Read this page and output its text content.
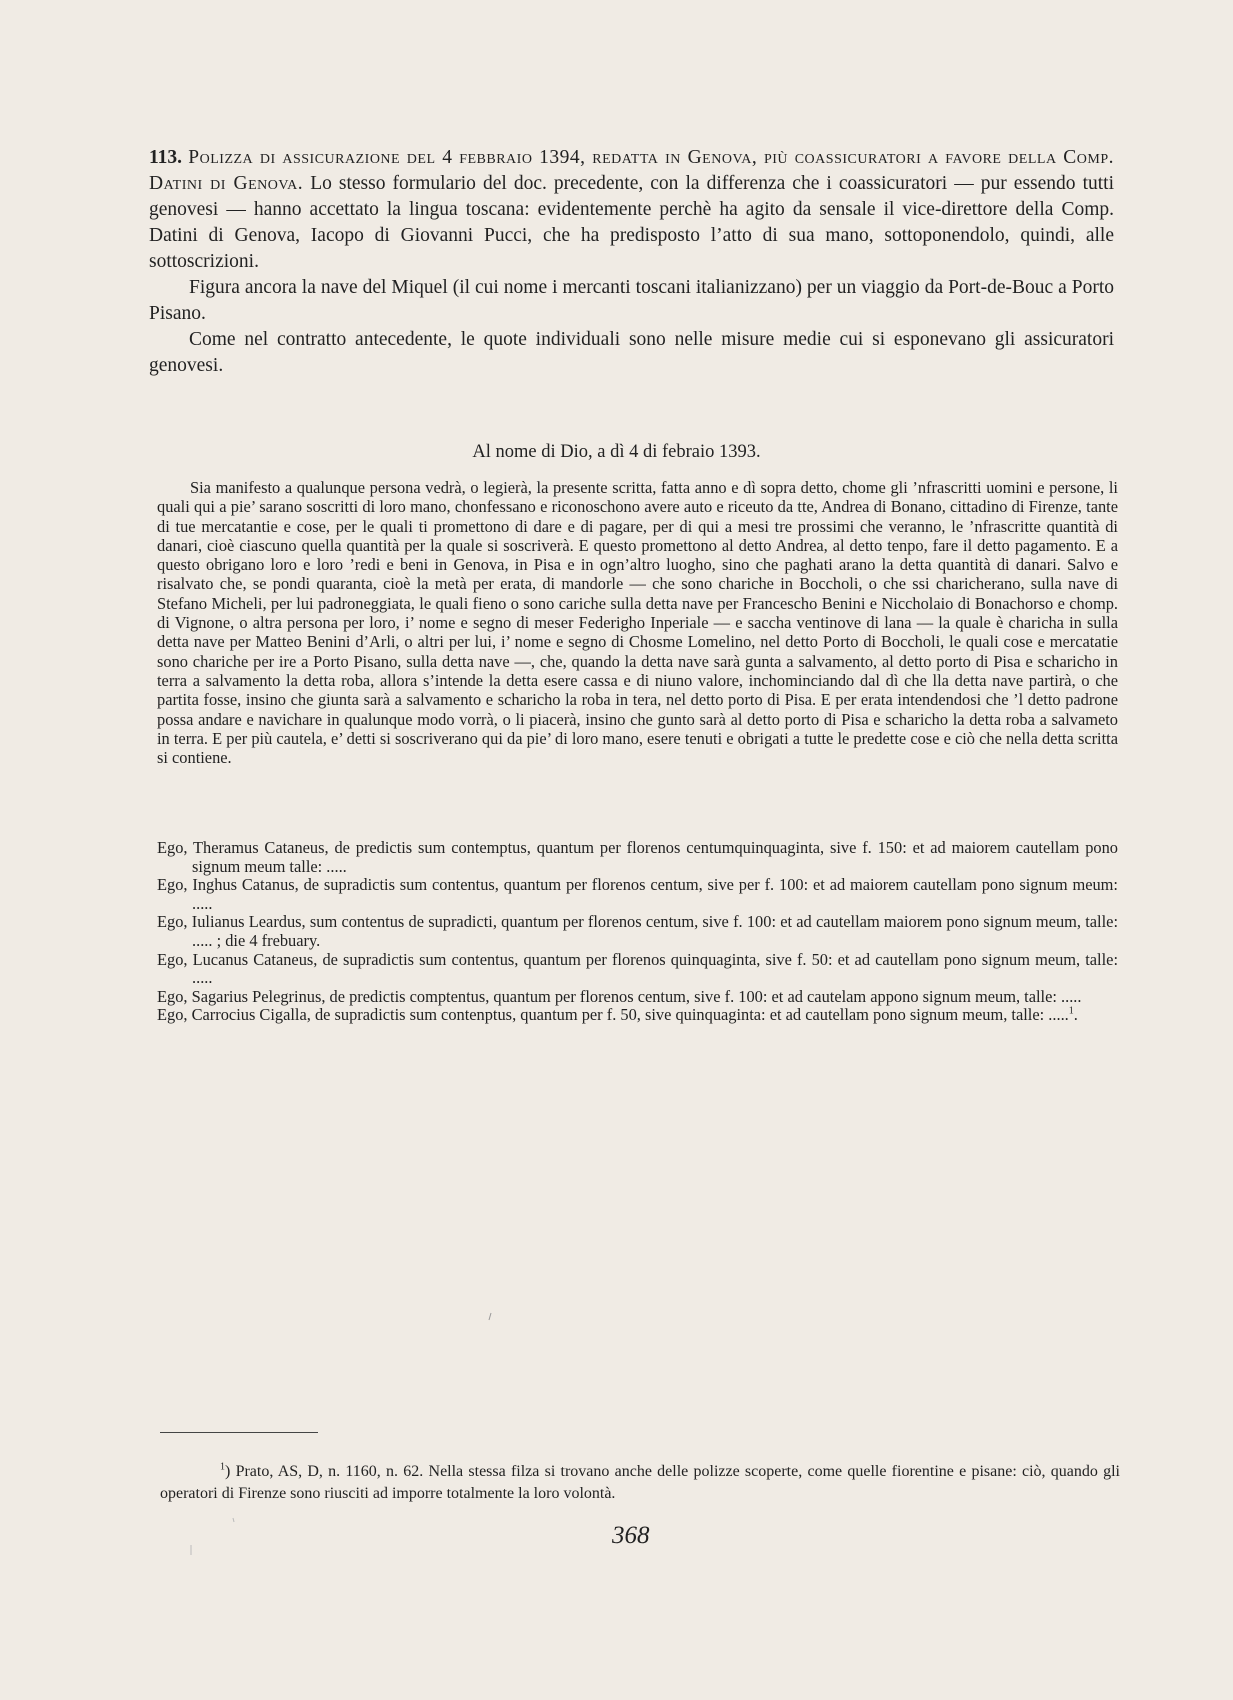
113. Polizza di assicurazione del 4 febbraio 1394, redatta in Genova, più coassicuratori a favore della Comp. Datini di Genova. Lo stesso formulario del doc. precedente, con la differenza che i coassicuratori — pur essendo tutti genovesi — hanno accettato la lingua toscana: evidentemente perchè ha agito da sensale il vice-direttore della Comp. Datini di Genova, Iacopo di Giovanni Pucci, che ha predisposto l’atto di sua mano, sottoponendolo, quindi, alle sottoscrizioni.

Figura ancora la nave del Miquel (il cui nome i mercanti toscani italianizzano) per un viaggio da Port-de-Bouc a Porto Pisano.

Come nel contratto antecedente, le quote individuali sono nelle misure medie cui si esponevano gli assicuratori genovesi.

Al nome di Dio, a dì 4 di febraio 1393.

Sia manifesto a qualunque persona vedrà, o legierà, la presente scritta, fatta anno e dì sopra detto, chome gli ’nfrascritti uomini e persone, li quali qui a pie’ sarano soscritti di loro mano, chonfessano e riconoschono avere auto e riceuto da tte, Andrea di Bonano, cittadino di Firenze, tante di tue mercatantie e cose, per le quali ti promettono di dare e di pagare, per di qui a mesi tre prossimi che veranno, le ’nfrascritte quantità di danari, cioè ciascuno quella quantità per la quale si soscriverà. E questo promettono al detto Andrea, al detto tenpo, fare il detto pagamento. E a questo obrigano loro e loro ’redi e beni in Genova, in Pisa e in ogn’altro luogho, sino che paghati arano la detta quantità di danari. Salvo e risalvato che, se pondi quaranta, cioè la metà per erata, di mandorle — che sono chariche in Boccholi, o che ssi charicherano, sulla nave di Stefano Micheli, per lui padroneggiata, le quali fieno o sono cariche sulla detta nave per Francescho Benini e Niccholaio di Bonachorso e chomp. di Vignone, o altra persona per loro, i’ nome e segno di meser Federigho Inperiale — e saccha ventinove di lana — la quale è charicha in sulla detta nave per Matteo Benini d’Arli, o altri per lui, i’ nome e segno di Chosme Lomelino, nel detto Porto di Boccholi, le quali cose e mercatatie sono chariche per ire a Porto Pisano, sulla detta nave —, che, quando la detta nave sarà gunta a salvamento, al detto porto di Pisa e scharicho in terra a salvamento la detta roba, allora s’intende la detta esere cassa e di niuno valore, inchominciando dal dì che lla detta nave partirà, o che partita fosse, insino che giunta sarà a salvamento e scharicho la roba in tera, nel detto porto di Pisa. E per erata intendendosi che ’l detto padrone possa andare e navichare in qualunque modo vorrà, o li piacerà, insino che gunto sarà al detto porto di Pisa e scharicho la detta roba a salvameto in terra. E per più cautela, e’ detti si soscriverano qui da pie’ di loro mano, esere tenuti e obrigati a tutte le predette cose e ciò che nella detta scritta si contiene.

Ego, Theramus Cataneus, de predictis sum contemptus, quantum per florenos centumquinquaginta, sive f. 150: et ad maiorem cautellam pono signum meum talle: .....

Ego, Inghus Catanus, de supradictis sum contentus, quantum per florenos centum, sive per f. 100: et ad maiorem cautellam pono signum meum: .....

Ego, Iulianus Leardus, sum contentus de supradicti, quantum per florenos centum, sive f. 100: et ad cautellam maiorem pono signum meum, talle: ..... ; die 4 frebuary.

Ego, Lucanus Cataneus, de supradictis sum contentus, quantum per florenos quinquaginta, sive f. 50: et ad cautellam pono signum meum, talle: .....

Ego, Sagarius Pelegrinus, de predictis comptentus, quantum per florenos centum, sive f. 100: et ad cautelam appono signum meum, talle: .....

Ego, Carrocius Cigalla, de supradictis sum contenptus, quantum per f. 50, sive quinquaginta: et ad cautellam pono signum meum, talle: .....$^1$.

$^1$) Prato, AS, D, n. 1160, n. 62. Nella stessa filza si trovano anche delle polizze scoperte, come quelle fiorentine e pisane: ciò, quando gli operatori di Firenze sono riusciti ad imporre totalmente la loro volontà.

368
